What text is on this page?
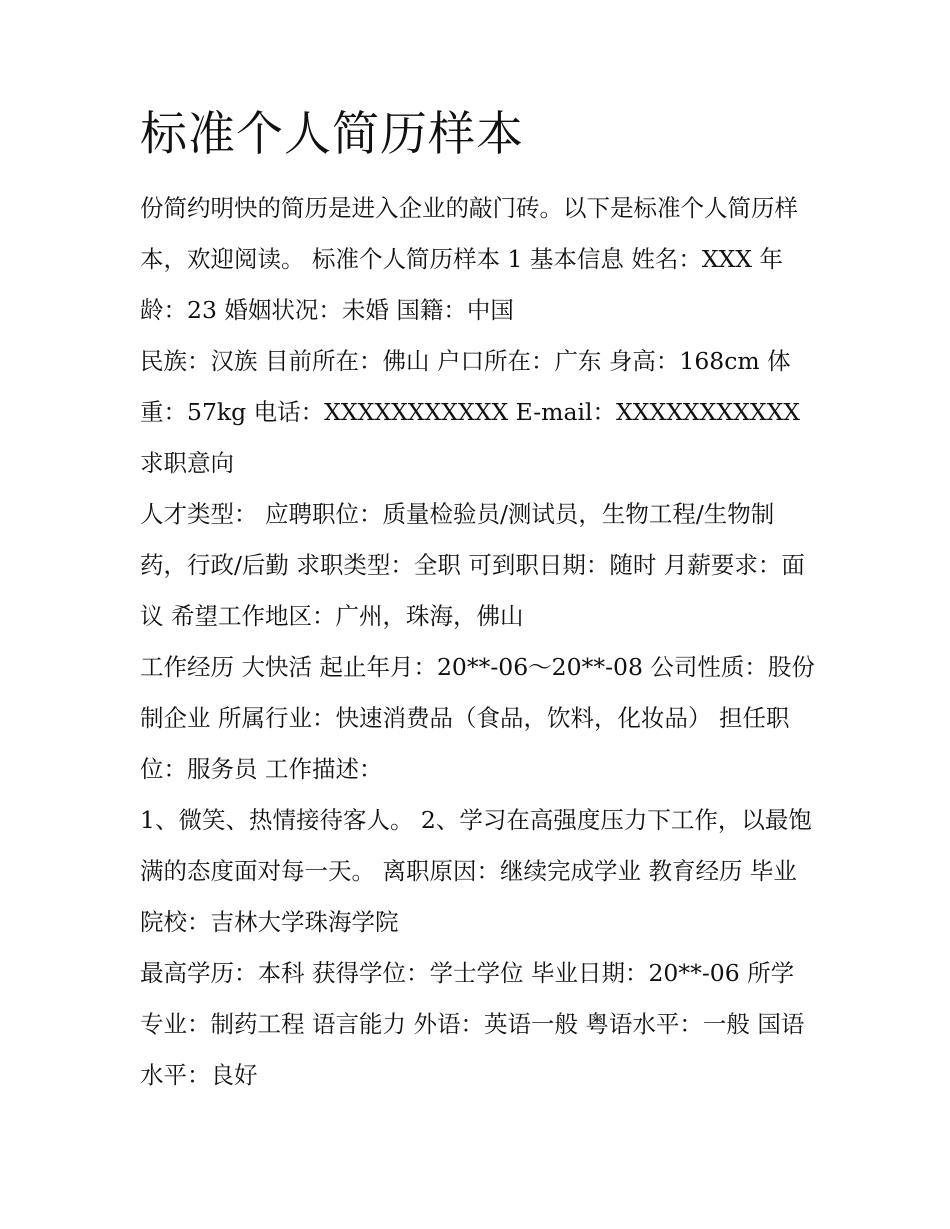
标准个人简历样本

份简约明快的简历是进入企业的敲门砖。以下是标准个人简历样本，欢迎阅读。 标准个人简历样本 1 基本信息 姓名：XXX 年龄：23 婚姻状况：未婚 国籍：中国

民族：汉族 目前所在：佛山 户口所在：广东 身高：168cm 体重：57kg 电话：XXXXXXXXXXX E-mail：XXXXXXXXXXX 求职意向

人才类型： 应聘职位：质量检验员/测试员，生物工程/生物制药，行政/后勤 求职类型：全职 可到职日期：随时 月薪要求：面议 希望工作地区：广州，珠海，佛山

工作经历 大快活 起止年月：20**-06～20**-08 公司性质：股份制企业 所属行业：快速消费品（食品，饮料，化妆品） 担任职位：服务员 工作描述：

1、微笑、热情接待客人。 2、学习在高强度压力下工作，以最饱满的态度面对每一天。 离职原因：继续完成学业 教育经历 毕业院校：吉林大学珠海学院

最高学历：本科 获得学位：学士学位 毕业日期：20**-06 所学专业：制药工程 语言能力 外语：英语一般 粤语水平：一般 国语水平：良好
